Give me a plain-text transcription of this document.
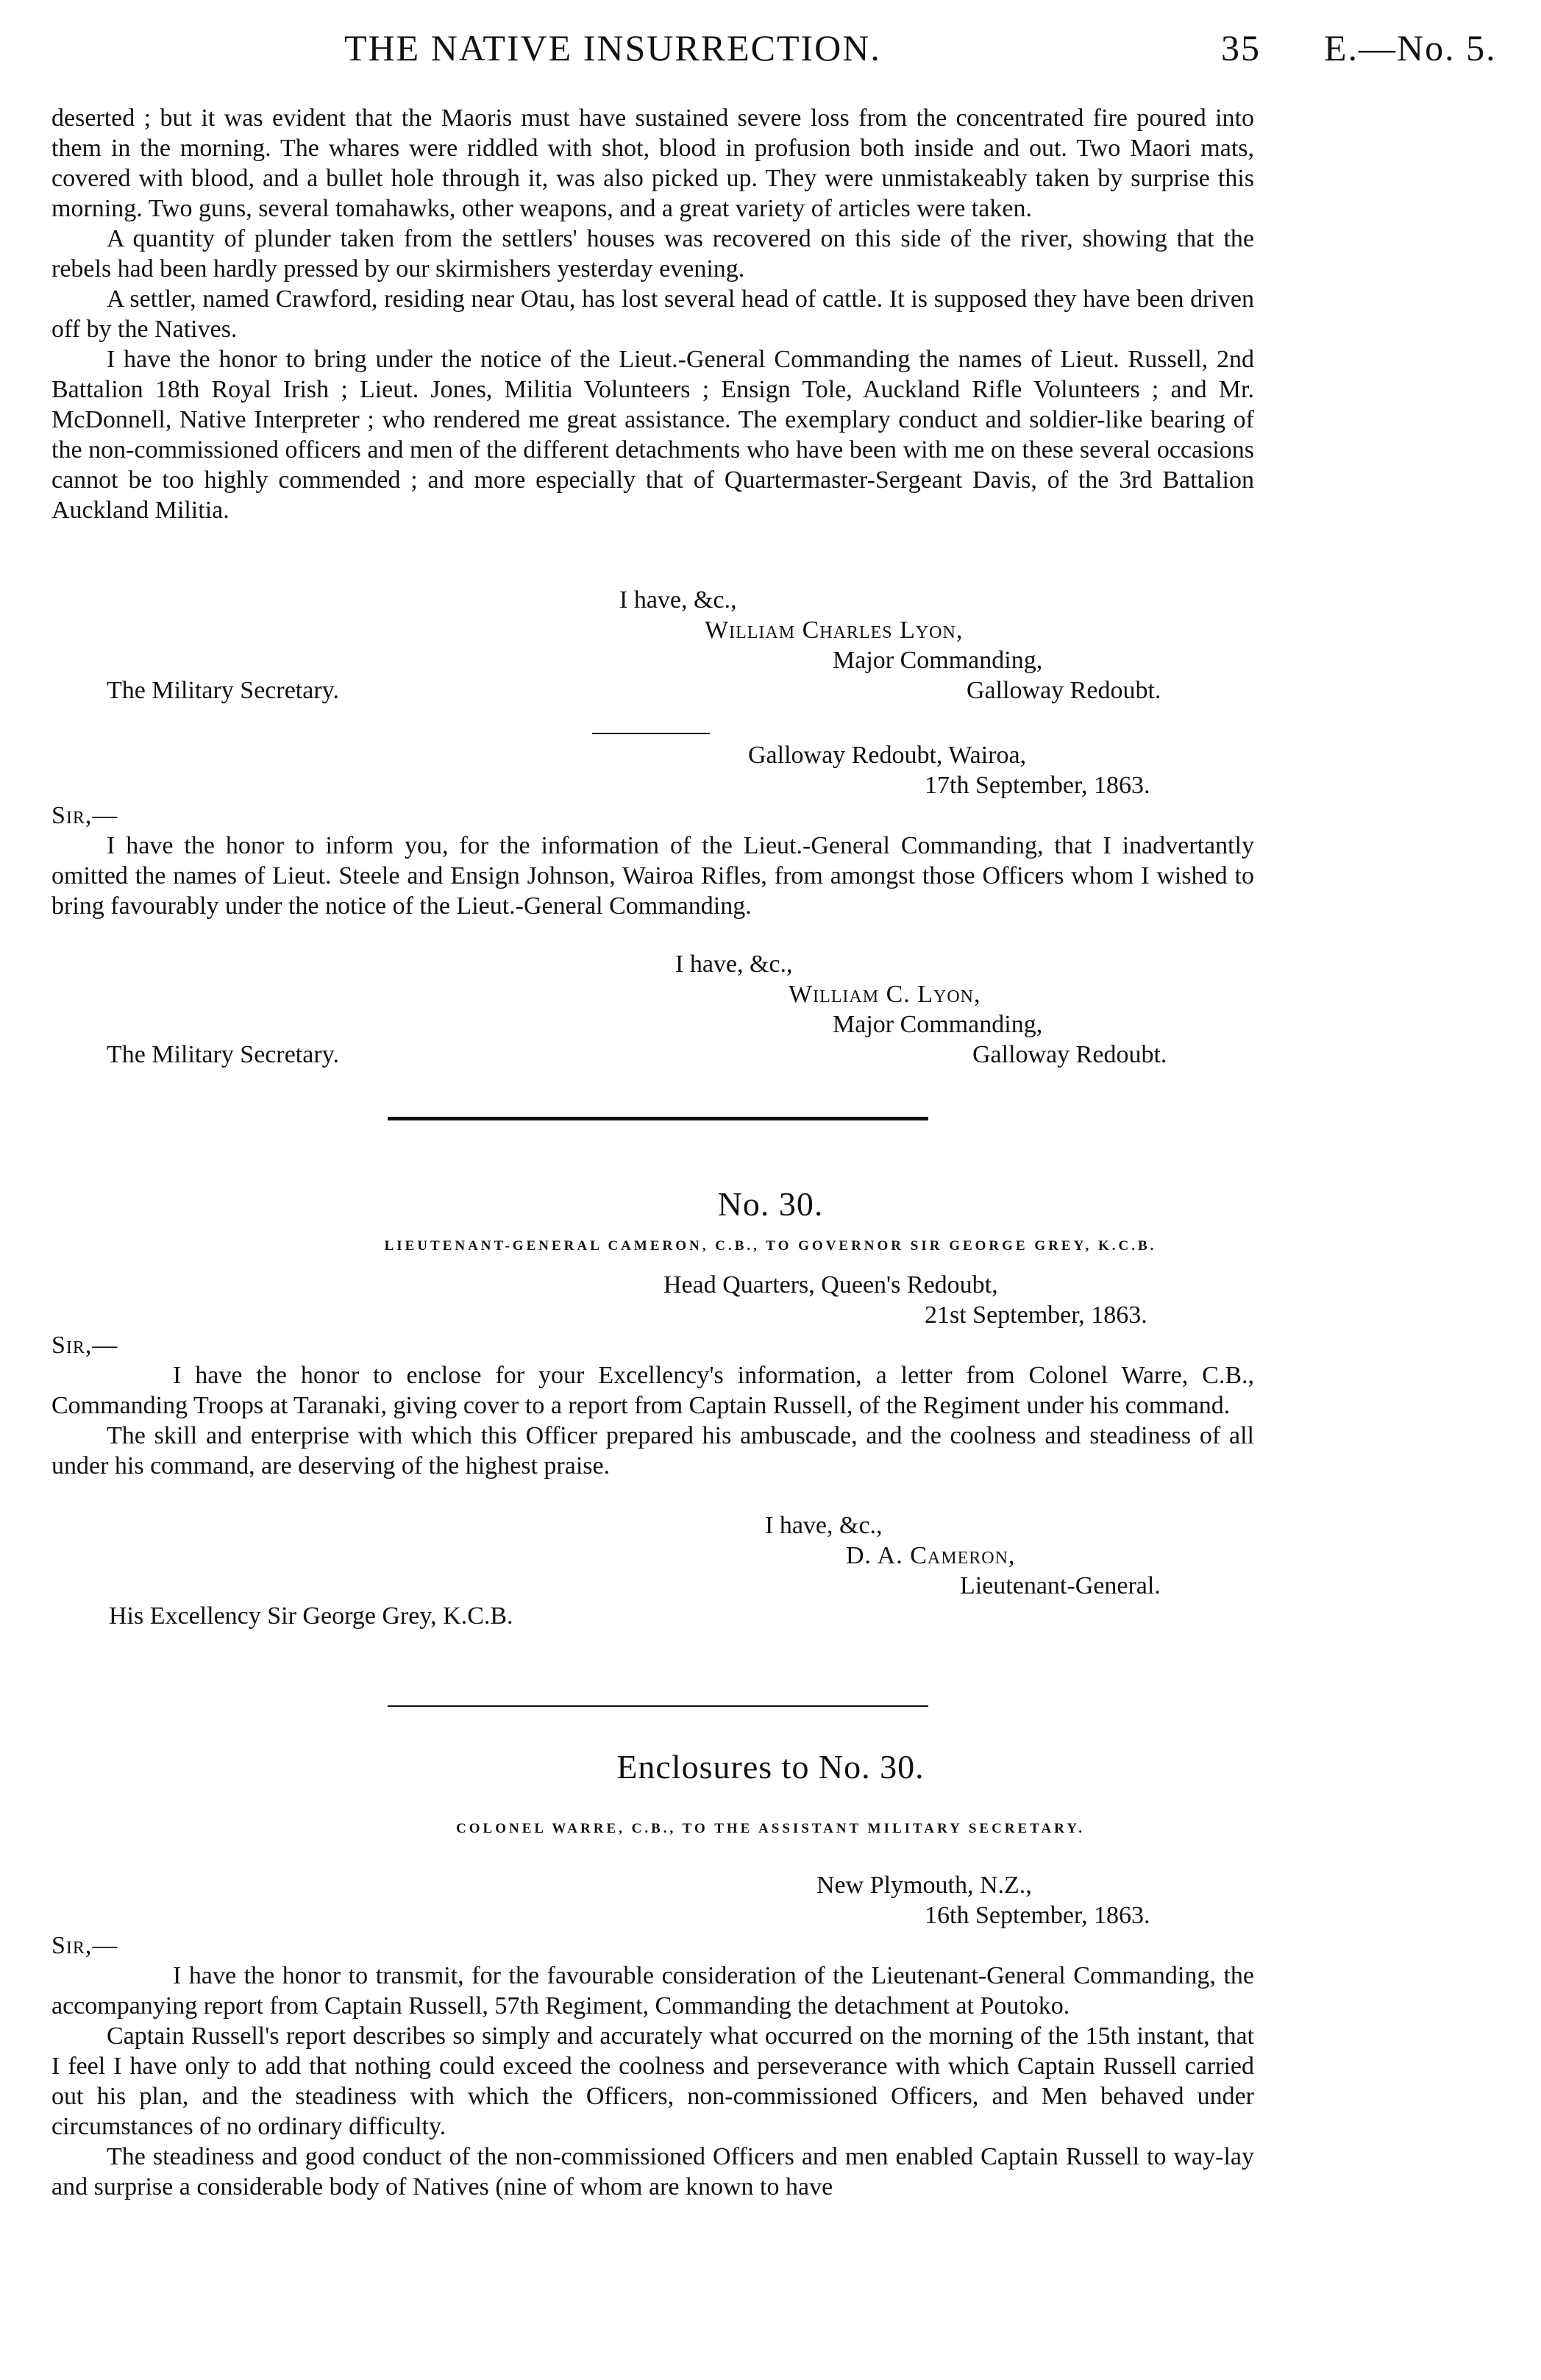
THE NATIVE INSURRECTION.	35 E.—No. 5.

deserted ; but it was evident that the Maoris must have sustained severe loss from the concentrated fire poured into them in the morning. The whares were riddled with shot, blood in profusion both inside and out. Two Maori mats, covered with blood, and a bullet hole through it, was also picked up. They were unmistakeably taken by surprise this morning. Two guns, several tomahawks, other weapons, and a great variety of articles were taken.

A quantity of plunder taken from the settlers' houses was recovered on this side of the river, showing that the rebels had been hardly pressed by our skirmishers yesterday evening.

A settler, named Crawford, residing near Otau, has lost several head of cattle. It is supposed they have been driven off by the Natives.

I have the honor to bring under the notice of the Lieut.-General Commanding the names of Lieut. Russell, 2nd Battalion 18th Royal Irish ; Lieut. Jones, Militia Volunteers ; Ensign Tole, Auckland Rifle Volunteers ; and Mr. McDonnell, Native Interpreter ; who rendered me great assistance. The exemplary conduct and soldier-like bearing of the non-commissioned officers and men of the different detachments who have been with me on these several occasions cannot be too highly commended ; and more especially that of Quartermaster-Sergeant Davis, of the 3rd Battalion Auckland Militia.

I have, &c.,
William Charles Lyon,
Major Commanding,
The Military Secretary.	Galloway Redoubt.
Galloway Redoubt, Wairoa,
17th September, 1863.
Sir,—

I have the honor to inform you, for the information of the Lieut.-General Commanding, that I inadvertantly omitted the names of Lieut. Steele and Ensign Johnson, Wairoa Rifles, from amongst those Officers whom I wished to bring favourably under the notice of the Lieut.-General Commanding.

I have, &c.,
William C. Lyon,
Major Commanding,
The Military Secretary.	Galloway Redoubt.
No. 30.
LIEUTENANT-GENERAL CAMERON, C.B., TO GOVERNOR SIR GEORGE GREY, K.C.B.
Head Quarters, Queen's Redoubt,
21st September, 1863.
Sir,—

I have the honor to enclose for your Excellency's information, a letter from Colonel Warre, C.B., Commanding Troops at Taranaki, giving cover to a report from Captain Russell, of the Regiment under his command.

The skill and enterprise with which this Officer prepared his ambuscade, and the coolness and steadiness of all under his command, are deserving of the highest praise.

I have, &c.,
D. A. Cameron,
Lieutenant-General.
His Excellency Sir George Grey, K.C.B.
Enclosures to No. 30.
COLONEL WARRE, C.B., TO THE ASSISTANT MILITARY SECRETARY.
New Plymouth, N.Z.,
16th September, 1863.
Sir,—

I have the honor to transmit, for the favourable consideration of the Lieutenant-General Commanding, the accompanying report from Captain Russell, 57th Regiment, Commanding the detachment at Poutoko.

Captain Russell's report describes so simply and accurately what occurred on the morning of the 15th instant, that I feel I have only to add that nothing could exceed the coolness and perseverance with which Captain Russell carried out his plan, and the steadiness with which the Officers, non-commissioned Officers, and Men behaved under circumstances of no ordinary difficulty.

The steadiness and good conduct of the non-commissioned Officers and men enabled Captain Russell to way-lay and surprise a considerable body of Natives (nine of whom are known to have
